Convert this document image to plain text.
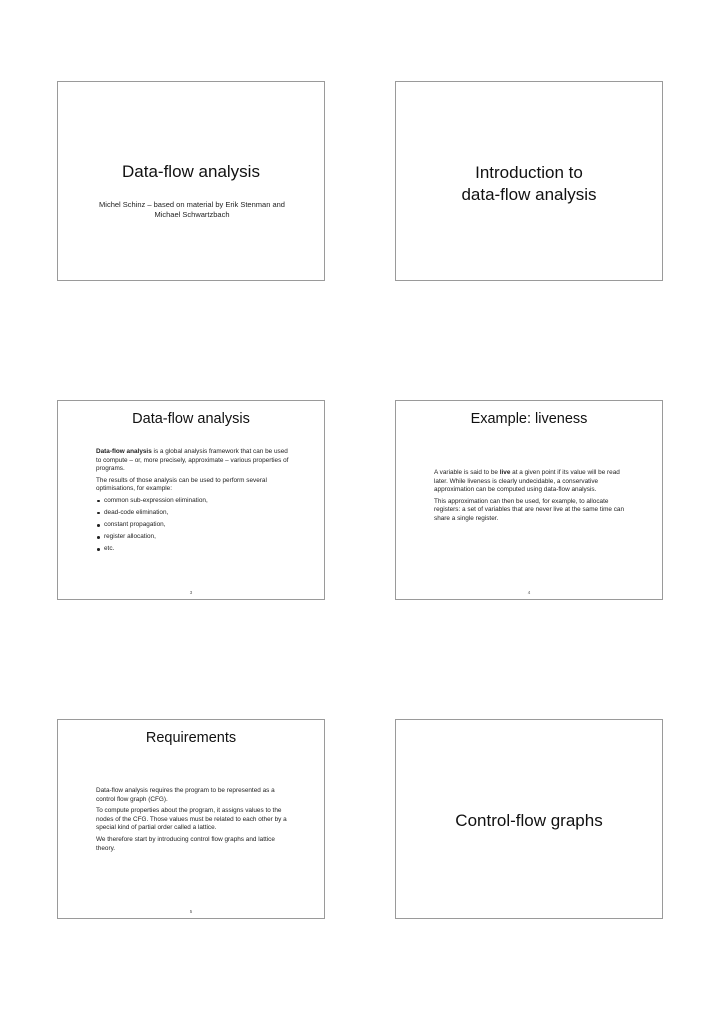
Data-flow analysis
Michel Schinz – based on material by Erik Stenman and Michael Schwartzbach
Introduction to
data-flow analysis
Data-flow analysis

Data-flow analysis is a global analysis framework that can be used to compute – or, more precisely, approximate – various properties of programs.

The results of those analysis can be used to perform several optimisations, for example:

common sub-expression elimination,
dead-code elimination,
constant propagation,
register allocation,
etc.
3
Example: liveness

A variable is said to be live at a given point if its value will be read later. While liveness is clearly undecidable, a conservative approximation can be computed using data-flow analysis.

This approximation can then be used, for example, to allocate registers: a set of variables that are never live at the same time can share a single register.

4
Requirements

Data-flow analysis requires the program to be represented as a control flow graph (CFG).

To compute properties about the program, it assigns values to the nodes of the CFG. Those values must be related to each other by a special kind of partial order called a lattice.

We therefore start by introducing control flow graphs and lattice theory.

5
Control-flow graphs
